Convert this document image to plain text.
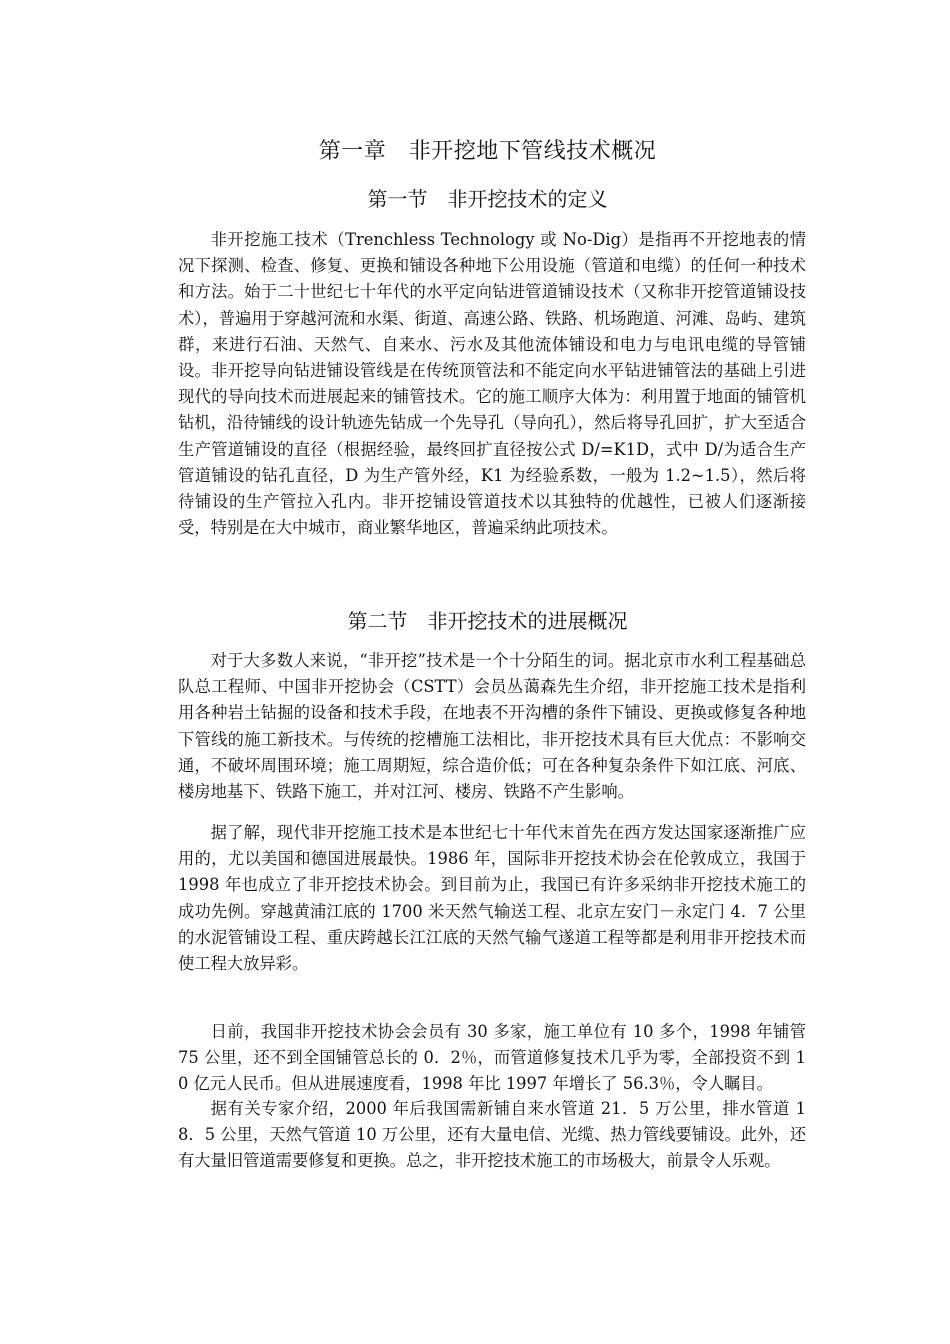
第一章　非开挖地下管线技术概况
第一节　非开挖技术的定义

非开挖施工技术（Trenchless Technology 或 No-Dig）是指再不开挖地表的情况下探测、检查、修复、更换和铺设各种地下公用设施（管道和电缆）的任何一种技术和方法。始于二十世纪七十年代的水平定向钻进管道铺设技术（又称非开挖管道铺设技术），普遍用于穿越河流和水渠、街道、高速公路、铁路、机场跑道、河滩、岛屿、建筑群，来进行石油、天然气、自来水、污水及其他流体铺设和电力与电讯电缆的导管铺设。非开挖导向钻进铺设管线是在传统顶管法和不能定向水平钻进铺管法的基础上引进现代的导向技术而进展起来的铺管技术。它的施工顺序大体为：利用置于地面的铺管机钻机，沿待铺线的设计轨迹先钻成一个先导孔（导向孔），然后将导孔回扩，扩大至适合生产管道铺设的直径（根据经验，最终回扩直径按公式 D/=K1D，式中 D/为适合生产管道铺设的钻孔直径，D 为生产管外经，K1 为经验系数，一般为 1.2~1.5），然后将待铺设的生产管拉入孔内。非开挖铺设管道技术以其独特的优越性，已被人们逐渐接受，特别是在大中城市，商业繁华地区，普遍采纳此项技术。

第二节　非开挖技术的进展概况

对于大多数人来说，“非开挖”技术是一个十分陌生的词。据北京市水利工程基础总队总工程师、中国非开挖协会（CSTT）会员丛蔼森先生介绍，非开挖施工技术是指利用各种岩土钻掘的设备和技术手段，在地表不开沟槽的条件下铺设、更换或修复各种地下管线的施工新技术。与传统的挖槽施工法相比，非开挖技术具有巨大优点：不影响交通，不破坏周围环境；施工周期短，综合造价低；可在各种复杂条件下如江底、河底、楼房地基下、铁路下施工，并对江河、楼房、铁路不产生影响。

据了解，现代非开挖施工技术是本世纪七十年代末首先在西方发达国家逐渐推广应用的，尤以美国和德国进展最快。1986 年，国际非开挖技术协会在伦敦成立，我国于 1998 年也成立了非开挖技术协会。到目前为止，我国已有许多采纳非开挖技术施工的成功先例。穿越黄浦江底的 1700 米天然气输送工程、北京左安门－永定门 4．7 公里的水泥管铺设工程、重庆跨越长江江底的天然气输气遂道工程等都是利用非开挖技术而使工程大放异彩。

日前，我国非开挖技术协会会员有 30 多家，施工单位有 10 多个，1998 年铺管 75 公里，还不到全国铺管总长的 0．2％，而管道修复技术几乎为零，全部投资不到 10 亿元人民币。但从进展速度看，1998 年比 1997 年增长了 56.3％，令人瞩目。

据有关专家介绍，2000 年后我国需新铺自来水管道 21．5 万公里，排水管道 18．5 公里，天然气管道 10 万公里，还有大量电信、光缆、热力管线要铺设。此外，还有大量旧管道需要修复和更换。总之，非开挖技术施工的市场极大，前景令人乐观。
